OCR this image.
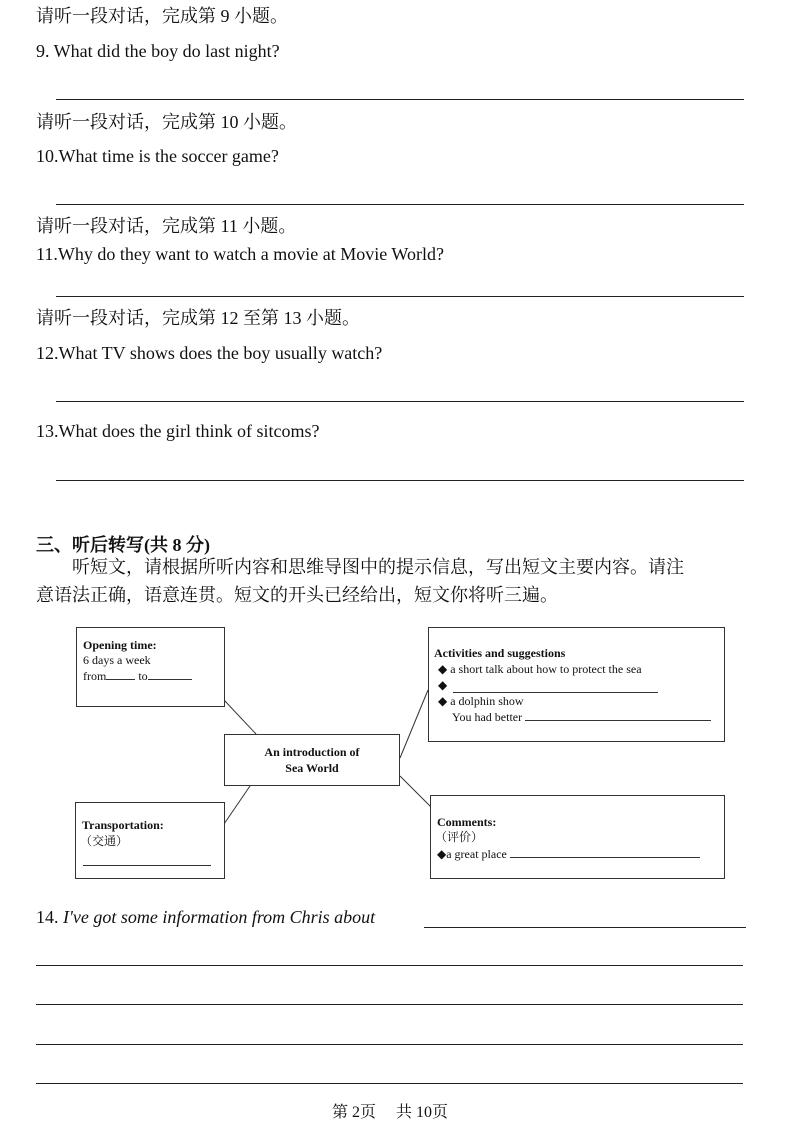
请听一段对话，完成第 9 小题。
9. What did the boy do last night?
请听一段对话，完成第 10 小题。
10.What time is the soccer game?
请听一段对话，完成第 11 小题。
11.Why do they want to watch a movie at Movie World?
请听一段对话，完成第 12 至第 13 小题。
12.What TV shows does the boy usually watch?
13.What does the girl think of sitcoms?
三、听后转写(共 8 分)
听短文，请根据所听内容和思维导图中的提示信息，写出短文主要内容。请注
意语法正确，语意连贯。短文的开头已经给出，短文你将听三遍。
Opening time:
6 days a week
from	to
Activities and suggestions
◆ a short talk about how to protect the sea
◆
◆ a dolphin show
You had better
An introduction of
Sea World
Transportation:
（交通）
Comments:
（评价）
◆a great place
14. I've got some information from Chris about
第 2页 共 10页
